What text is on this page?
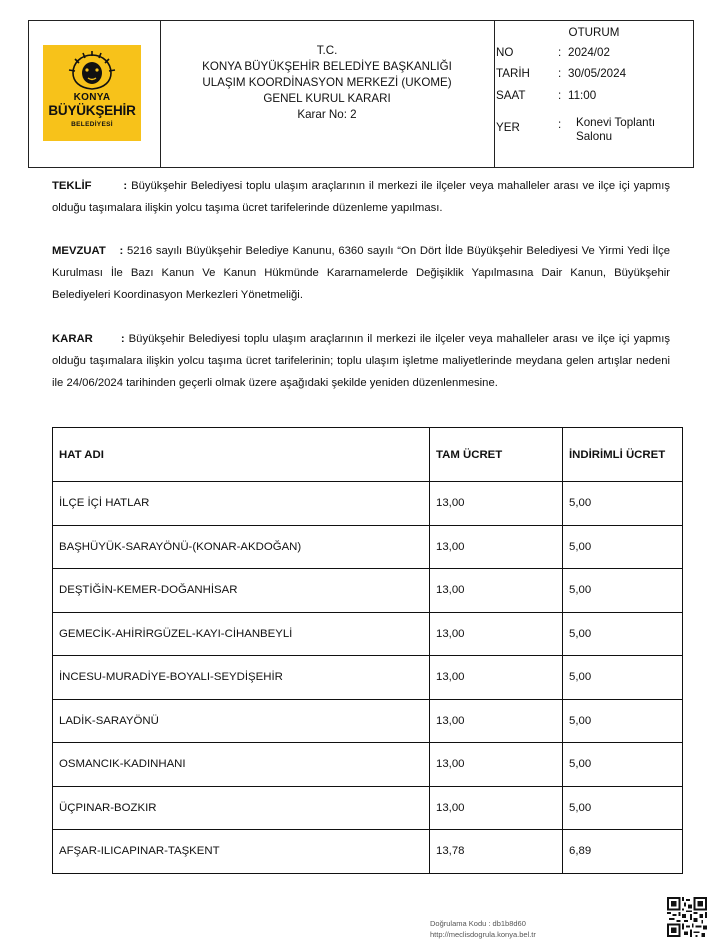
KONYA
BÜYÜKŞEHİR
BELEDİYESİ
T.C.
KONYA BÜYÜKŞEHİR BELEDİYE BAŞKANLIĞI
ULAŞIM KOORDİNASYON MERKEZİ (UKOME)
GENEL KURUL KARARI
Karar No: 2
OTURUM
NO	: 2024/02
TARİH : 30/05/2024
SAAT	: 11:00
YER	: Konevi Toplantı Salonu
TEKLİF	: Büyükşehir Belediyesi toplu ulaşım araçlarının il merkezi ile ilçeler veya mahalleler arası ve ilçe içi yapmış olduğu taşımalara ilişkin yolcu taşıma ücret tarifelerinde düzenleme yapılması.
MEVZUAT : 5216 sayılı Büyükşehir Belediye Kanunu, 6360 sayılı “On Dört İlde Büyükşehir Belediyesi Ve Yirmi Yedi İlçe Kurulması İle Bazı Kanun Ve Kanun Hükmünde Kararnamelerde Değişiklik Yapılmasına Dair Kanun, Büyükşehir Belediyeleri Koordinasyon Merkezleri Yönetmeliği.
KARAR : Büyükşehir Belediyesi toplu ulaşım araçlarının il merkezi ile ilçeler veya mahalleler arası ve ilçe içi yapmış olduğu taşımalara ilişkin yolcu taşıma ücret tarifelerinin; toplu ulaşım işletme maliyetlerinde meydana gelen artışlar nedeni ile 24/06/2024 tarihinden geçerli olmak üzere aşağıdaki şekilde yeniden düzenlenmesine.
HAT ADI	TAM ÜCRET	İNDİRİMLİ ÜCRET
İLÇE İÇİ HATLAR	13,00	5,00
BAŞHÜYÜK-SARAYÖNÜ-(KONAR-AKDOĞAN)	13,00	5,00
DEŞTİĞİN-KEMER-DOĞANHİSAR	13,00	5,00
GEMECİK-AHİRİRGÜZEL-KAYI-CİHANBEYLİ	13,00	5,00
İNCESU-MURADİYE-BOYALI-SEYDİŞEHİR	13,00	5,00
LADİK-SARAYÖNÜ	13,00	5,00
OSMANCIK-KADINHANI	13,00	5,00
ÜÇPINAR-BOZKIR	13,00	5,00
AFŞAR-ILICAPINAR-TAŞKENT	13,78	6,89
Doğrulama Kodu : db1b8d60
http://meclisdogrula.konya.bel.tr
